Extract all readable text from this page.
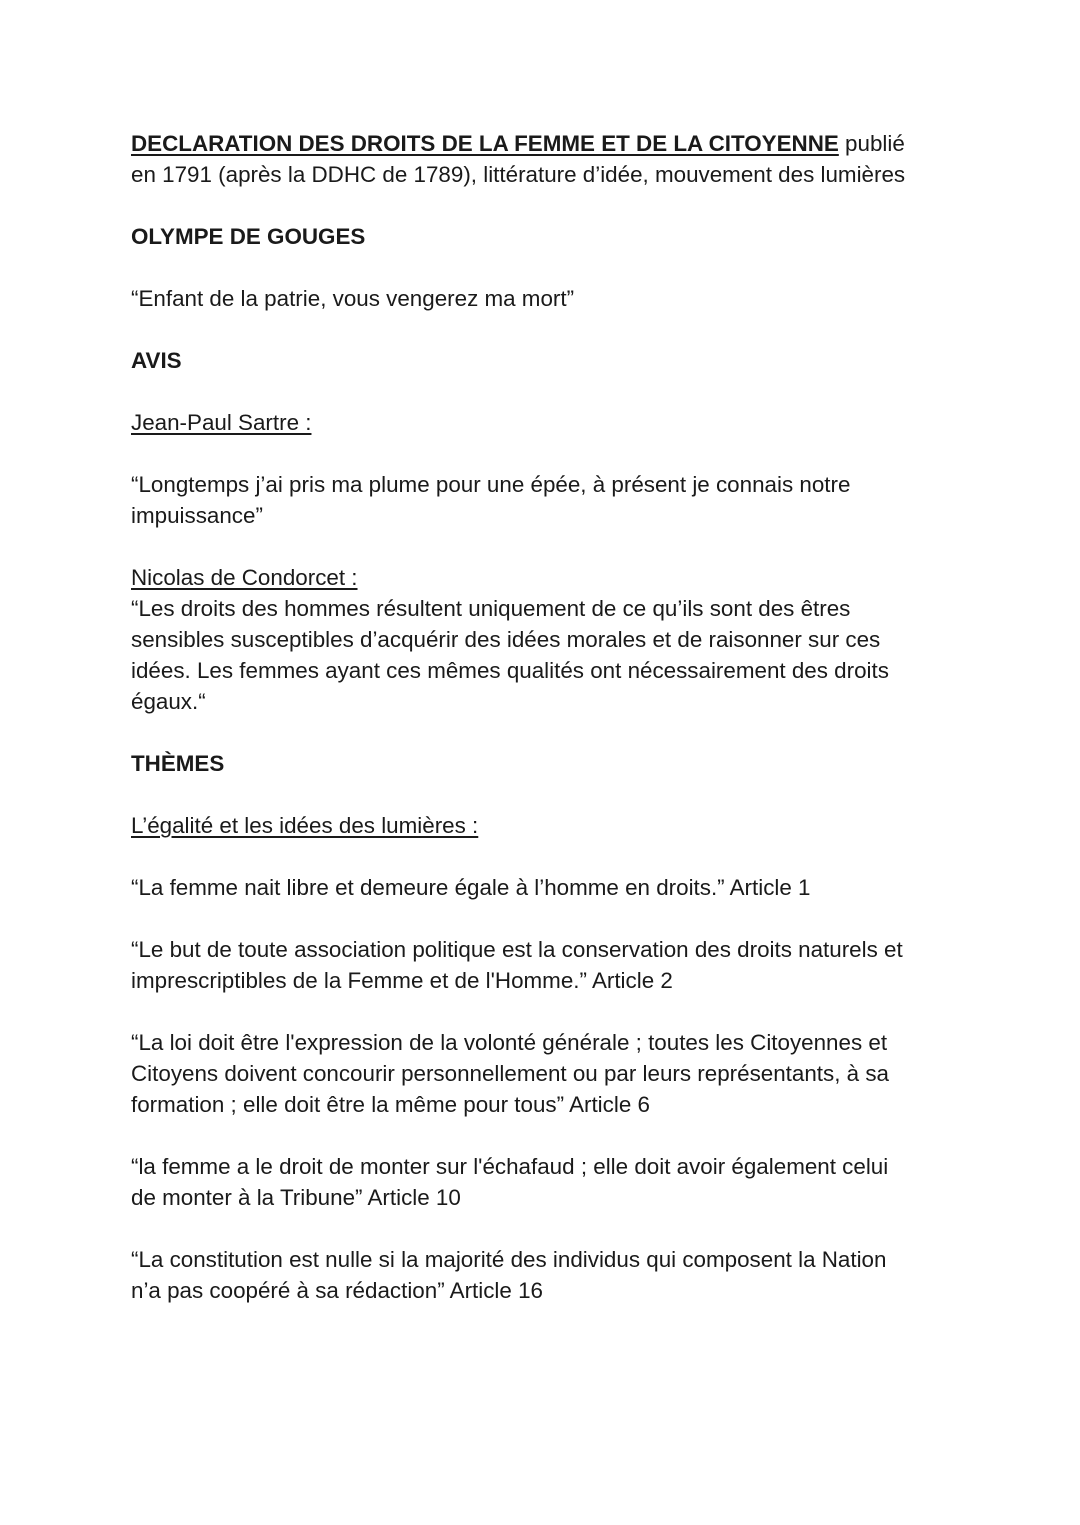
DECLARATION DES DROITS DE LA FEMME ET DE LA CITOYENNE publié
en 1791 (après la DDHC de 1789), littérature d’idée, mouvement des lumières
OLYMPE DE GOUGES
“Enfant de la patrie, vous vengerez ma mort”
AVIS
Jean-Paul Sartre :
“Longtemps j’ai pris ma plume pour une épée, à présent je connais notre
impuissance”
Nicolas de Condorcet :
“Les droits des hommes résultent uniquement de ce qu’ils sont des êtres
sensibles susceptibles d’acquérir des idées morales et de raisonner sur ces
idées. Les femmes ayant ces mêmes qualités ont nécessairement des droits
égaux.“
THÈMES
L’égalité et les idées des lumières :
“La femme nait libre et demeure égale à l’homme en droits.” Article 1
“Le but de toute association politique est la conservation des droits naturels et
imprescriptibles de la Femme et de l'Homme.” Article 2
“La loi doit être l'expression de la volonté générale ; toutes les Citoyennes et
Citoyens doivent concourir personnellement ou par leurs représentants, à sa
formation ; elle doit être la même pour tous” Article 6
“la femme a le droit de monter sur l'échafaud ; elle doit avoir également celui
de monter à la Tribune” Article 10
“La constitution est nulle si la majorité des individus qui composent la Nation
n’a pas coopéré à sa rédaction” Article 16
